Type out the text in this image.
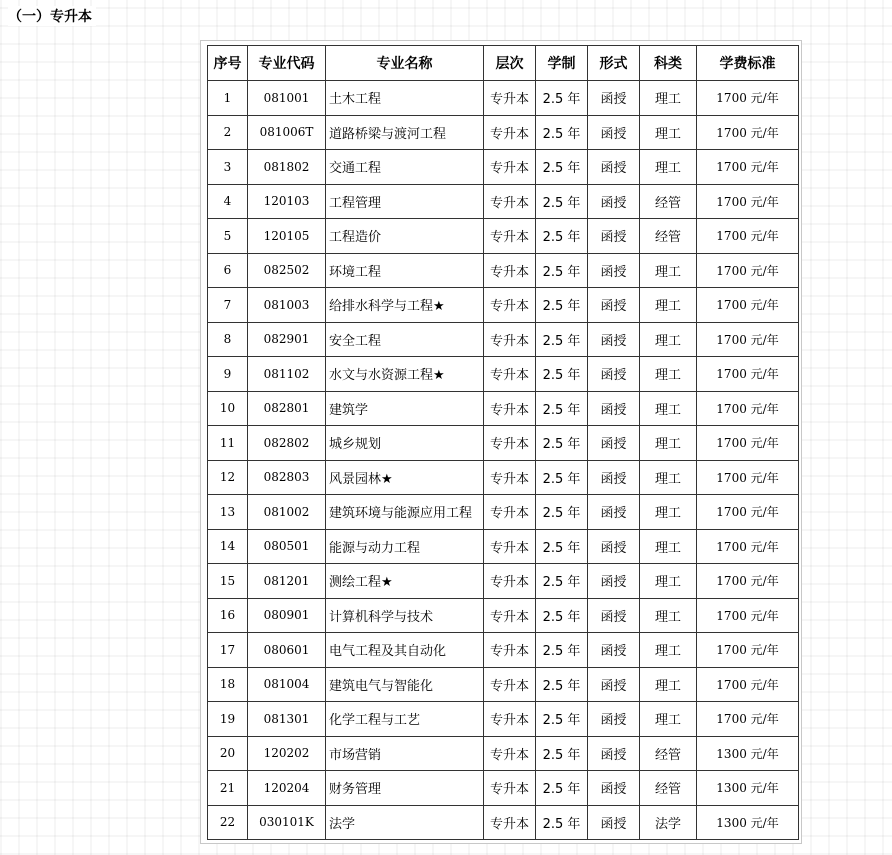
（一）专升本
序号	专业代码	专业名称	层次	学制	形式	科类	学费标准
1	081001	土木工程	专升本	2.5 年	函授	理工	1700 元/年
2	081006T	道路桥梁与渡河工程	专升本	2.5 年	函授	理工	1700 元/年
3	081802	交通工程	专升本	2.5 年	函授	理工	1700 元/年
4	120103	工程管理	专升本	2.5 年	函授	经管	1700 元/年
5	120105	工程造价	专升本	2.5 年	函授	经管	1700 元/年
6	082502	环境工程	专升本	2.5 年	函授	理工	1700 元/年
7	081003	给排水科学与工程★	专升本	2.5 年	函授	理工	1700 元/年
8	082901	安全工程	专升本	2.5 年	函授	理工	1700 元/年
9	081102	水文与水资源工程★	专升本	2.5 年	函授	理工	1700 元/年
10	082801	建筑学	专升本	2.5 年	函授	理工	1700 元/年
11	082802	城乡规划	专升本	2.5 年	函授	理工	1700 元/年
12	082803	风景园林★	专升本	2.5 年	函授	理工	1700 元/年
13	081002	建筑环境与能源应用工程	专升本	2.5 年	函授	理工	1700 元/年
14	080501	能源与动力工程	专升本	2.5 年	函授	理工	1700 元/年
15	081201	测绘工程★	专升本	2.5 年	函授	理工	1700 元/年
16	080901	计算机科学与技术	专升本	2.5 年	函授	理工	1700 元/年
17	080601	电气工程及其自动化	专升本	2.5 年	函授	理工	1700 元/年
18	081004	建筑电气与智能化	专升本	2.5 年	函授	理工	1700 元/年
19	081301	化学工程与工艺	专升本	2.5 年	函授	理工	1700 元/年
20	120202	市场营销	专升本	2.5 年	函授	经管	1300 元/年
21	120204	财务管理	专升本	2.5 年	函授	经管	1300 元/年
22	030101K	法学	专升本	2.5 年	函授	法学	1300 元/年
